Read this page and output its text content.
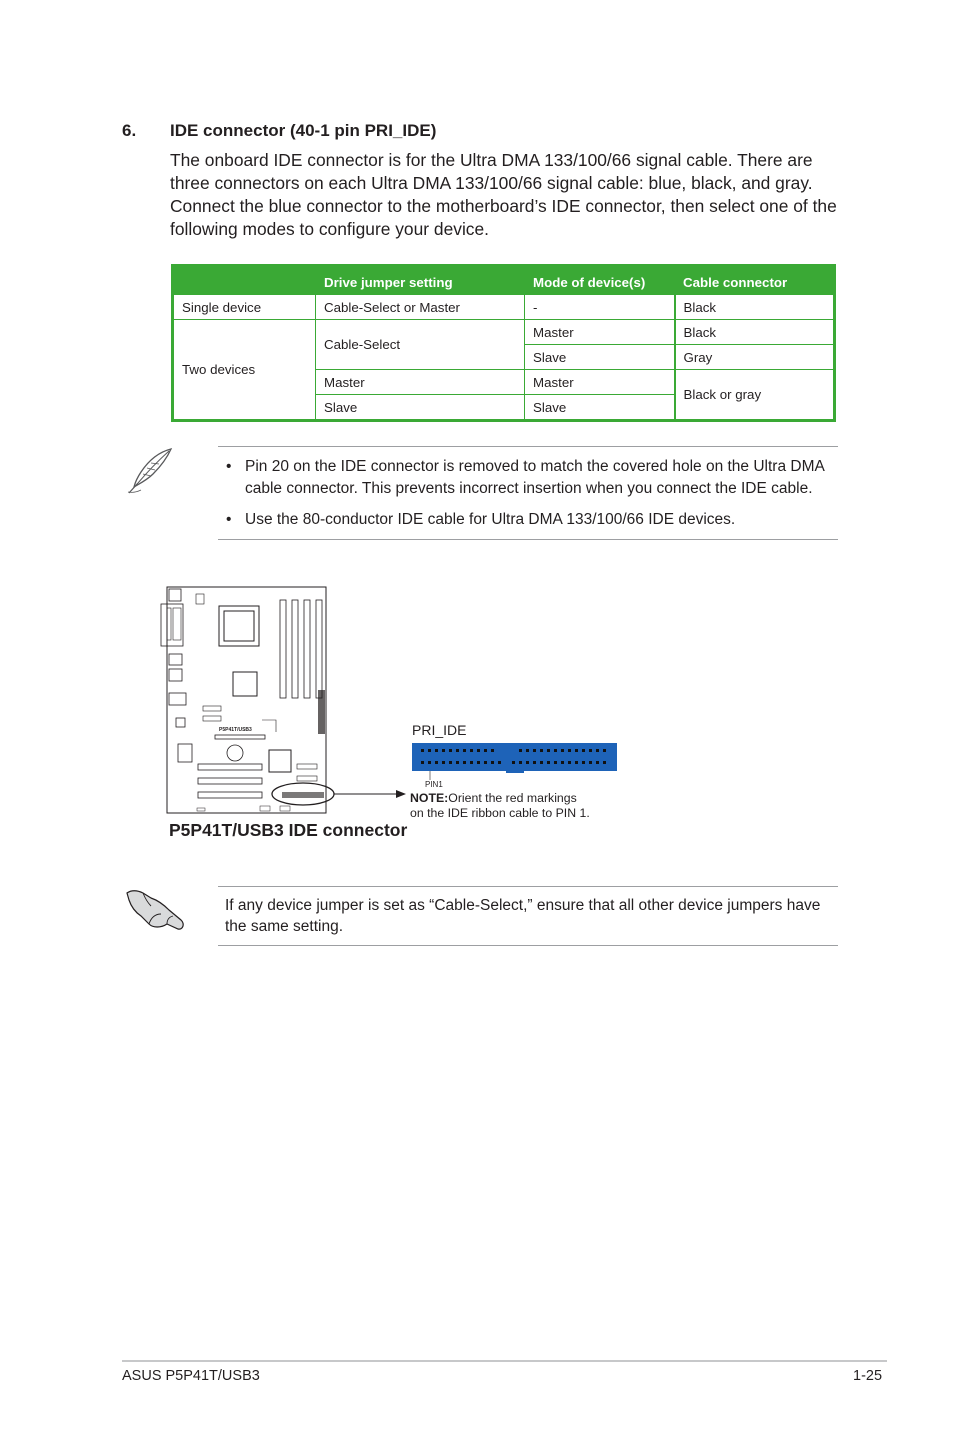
6. IDE connector (40-1 pin PRI_IDE)
The onboard IDE connector is for the Ultra DMA 133/100/66 signal cable. There are three connectors on each Ultra DMA 133/100/66 signal cable: blue, black, and gray. Connect the blue connector to the motherboard’s IDE connector, then select one of the following modes to configure your device.
	Drive jumper setting	Mode of device(s)	Cable connector
Single device	Cable-Select or Master	-	Black
Two devices	Cable-Select	Master	Black
		Slave	Gray
	Master	Master	Black or gray
	Slave	Slave	
• Pin 20 on the IDE connector is removed to match the covered hole on the Ultra DMA cable connector. This prevents incorrect insertion when you connect the IDE cable.
• Use the 80-conductor IDE cable for Ultra DMA 133/100/66 IDE devices.
P5P41T/USB3	PRI_IDE
PIN1
NOTE:Orient the red markings
on the IDE ribbon cable to PIN 1.
P5P41T/USB3 IDE connector
If any device jumper is set as “Cable-Select,” ensure that all other device jumpers have the same setting.
ASUS P5P41T/USB3	1-25
